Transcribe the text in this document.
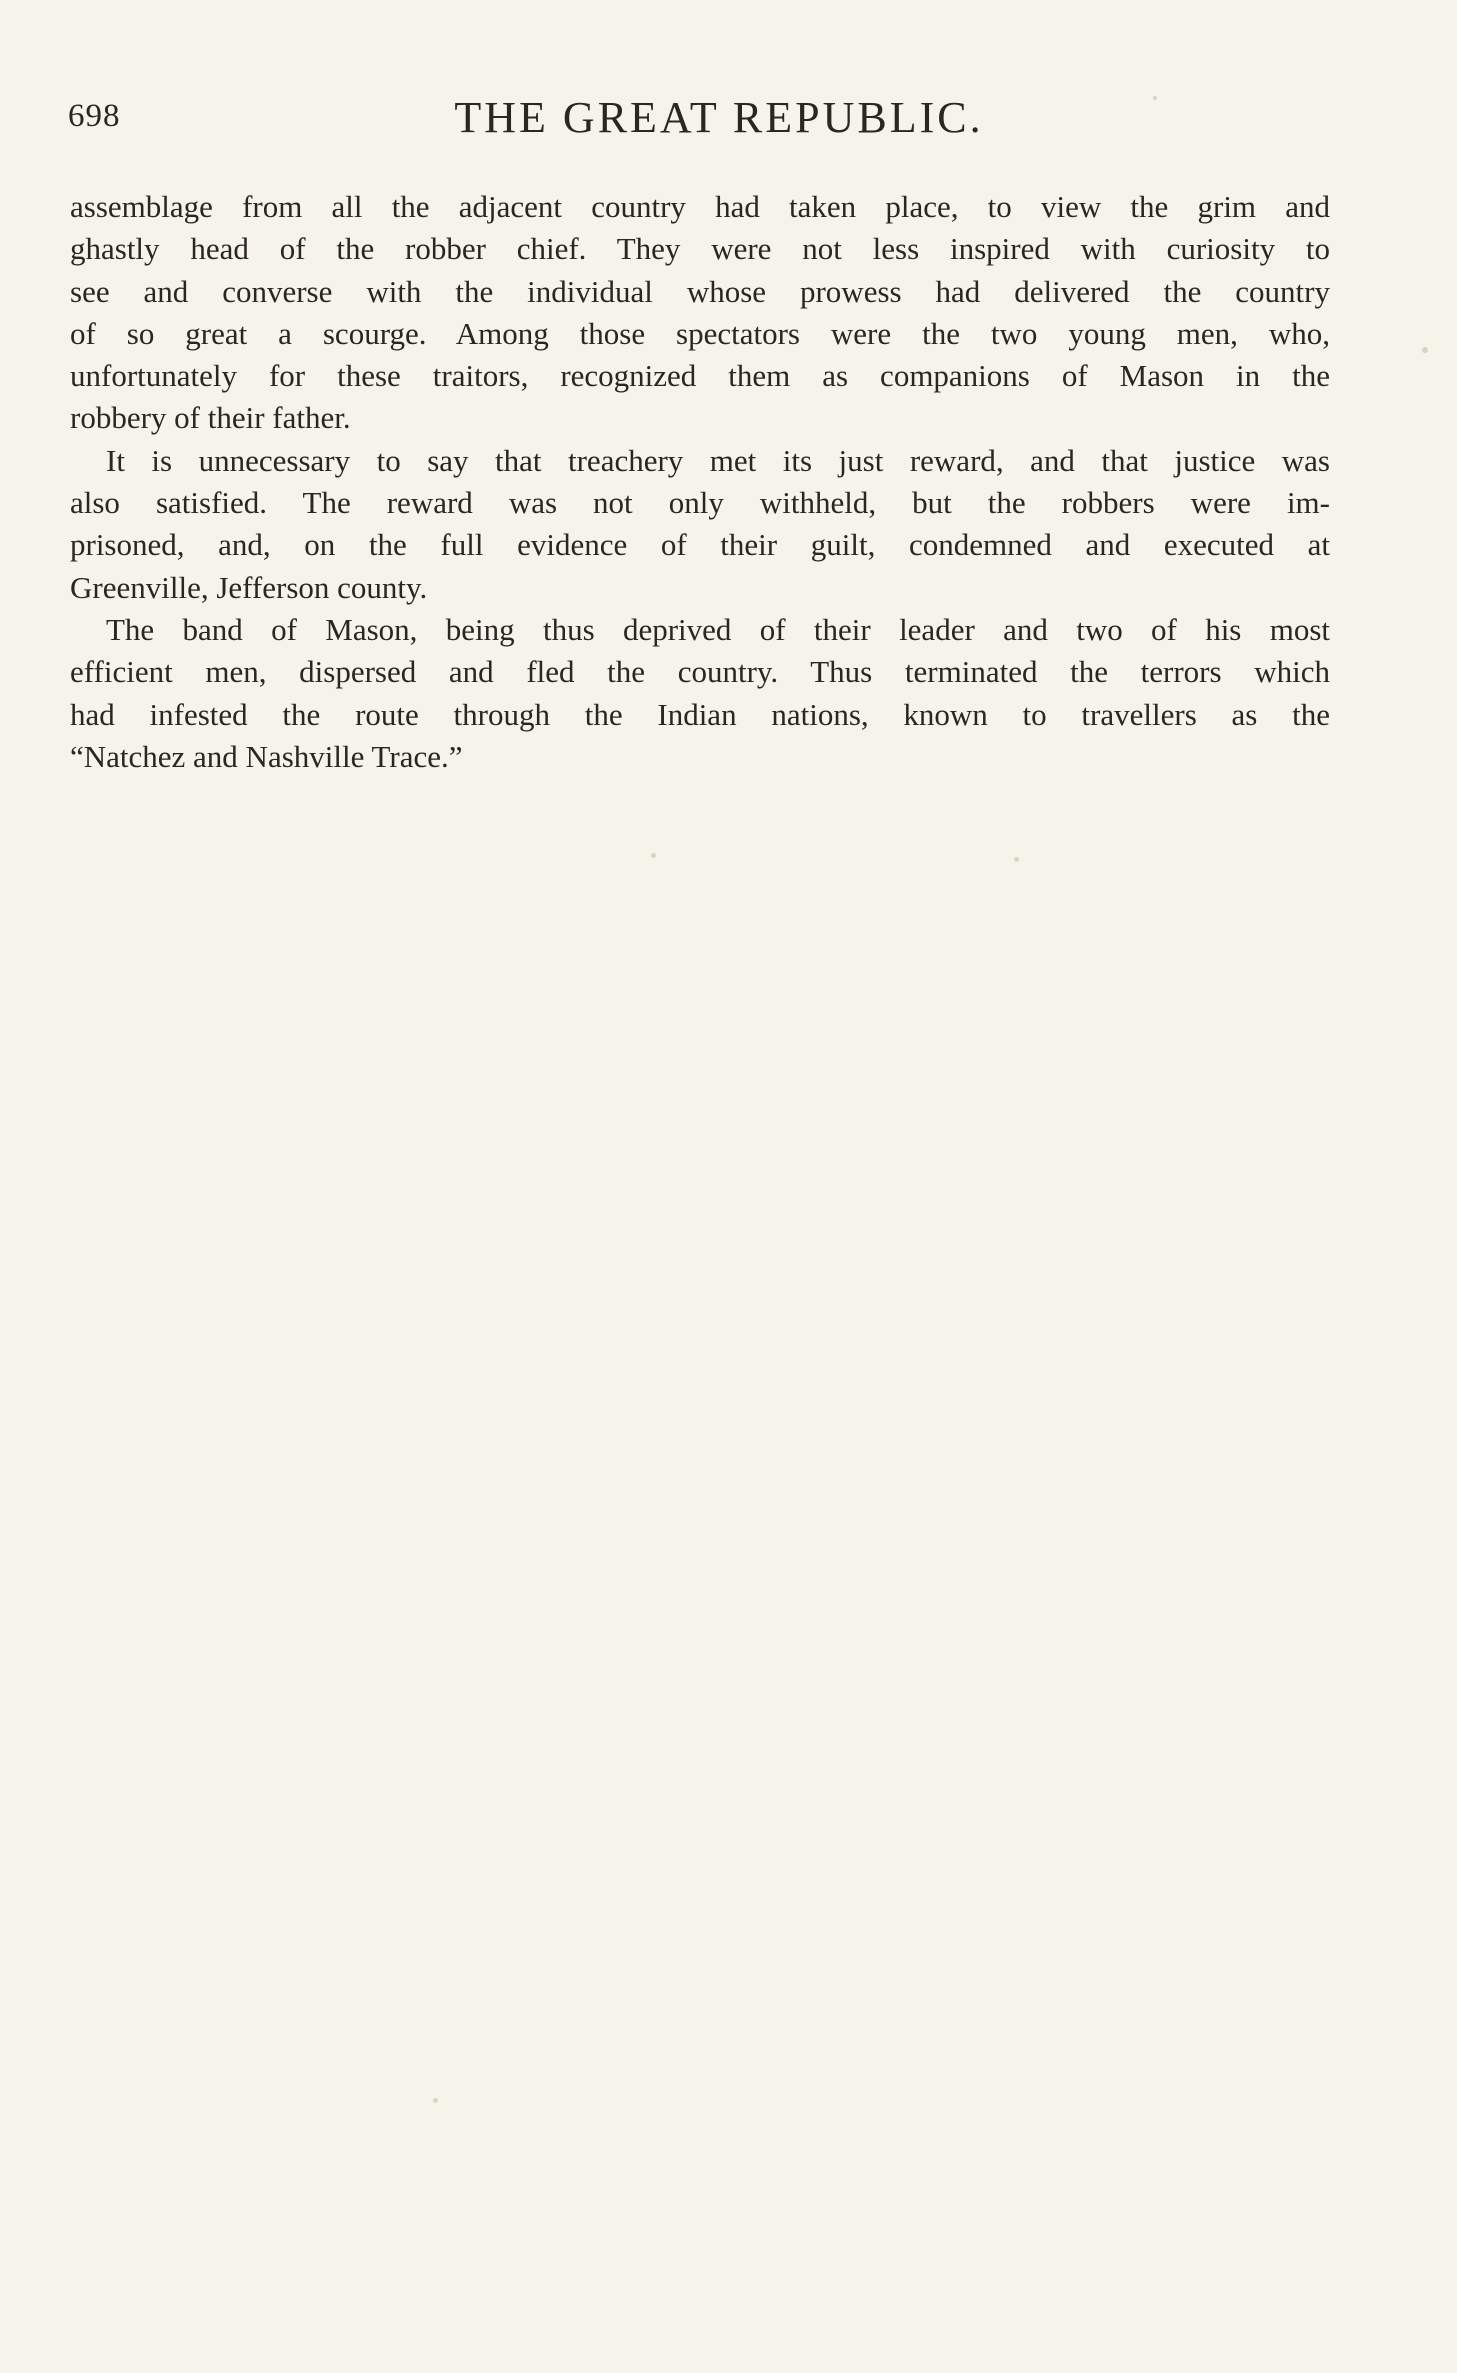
698	THE GREAT REPUBLIC.
assemblage from all the adjacent country had taken place, to view the grim and
ghastly head of the robber chief. They were not less inspired with curiosity to
see and converse with the individual whose prowess had delivered the country
of so great a scourge. Among those spectators were the two young men, who,
unfortunately for these traitors, recognized them as companions of Mason in the
robbery of their father.
It is unnecessary to say that treachery met its just reward, and that justice was
also satisfied. The reward was not only withheld, but the robbers were im-
prisoned, and, on the full evidence of their guilt, condemned and executed at
Greenville, Jefferson county.
The band of Mason, being thus deprived of their leader and two of his most
efficient men, dispersed and fled the country. Thus terminated the terrors which
had infested the route through the Indian nations, known to travellers as the
“Natchez and Nashville Trace.”
